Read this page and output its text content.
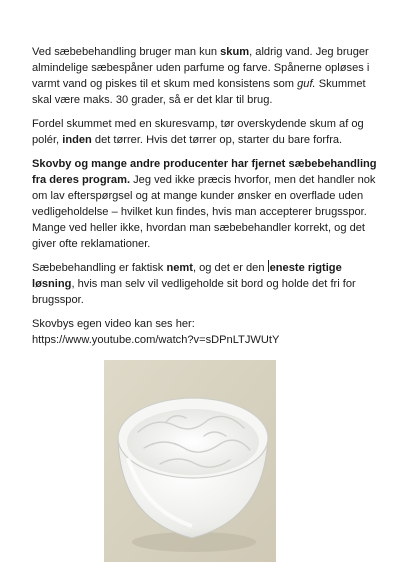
Ved sæbebehandling bruger man kun skum, aldrig vand. Jeg bruger almindelige sæbespåner uden parfume og farve. Spånerne opløses i varmt vand og piskes til et skum med konsistens som guf. Skummet skal være maks. 30 grader, så er det klar til brug.

Fordel skummet med en skuresvamp, tør overskydende skum af og polér, inden det tørrer. Hvis det tørrer op, starter du bare forfra.

Skovby og mange andre producenter har fjernet sæbebehandling fra deres program. Jeg ved ikke præcis hvorfor, men det handler nok om lav efterspørgsel og at mange kunder ønsker en overflade uden vedligeholdelse – hvilket kun findes, hvis man accepterer brugsspor. Mange ved heller ikke, hvordan man sæbebehandler korrekt, og det giver ofte reklamationer.

Sæbebehandling er faktisk nemt, og det er den eneste rigtige løsning, hvis man selv vil vedligeholde sit bord og holde det fri for brugsspor.

Skovbys egen video kan ses her:
https://www.youtube.com/watch?v=sDPnLTJWUtY
